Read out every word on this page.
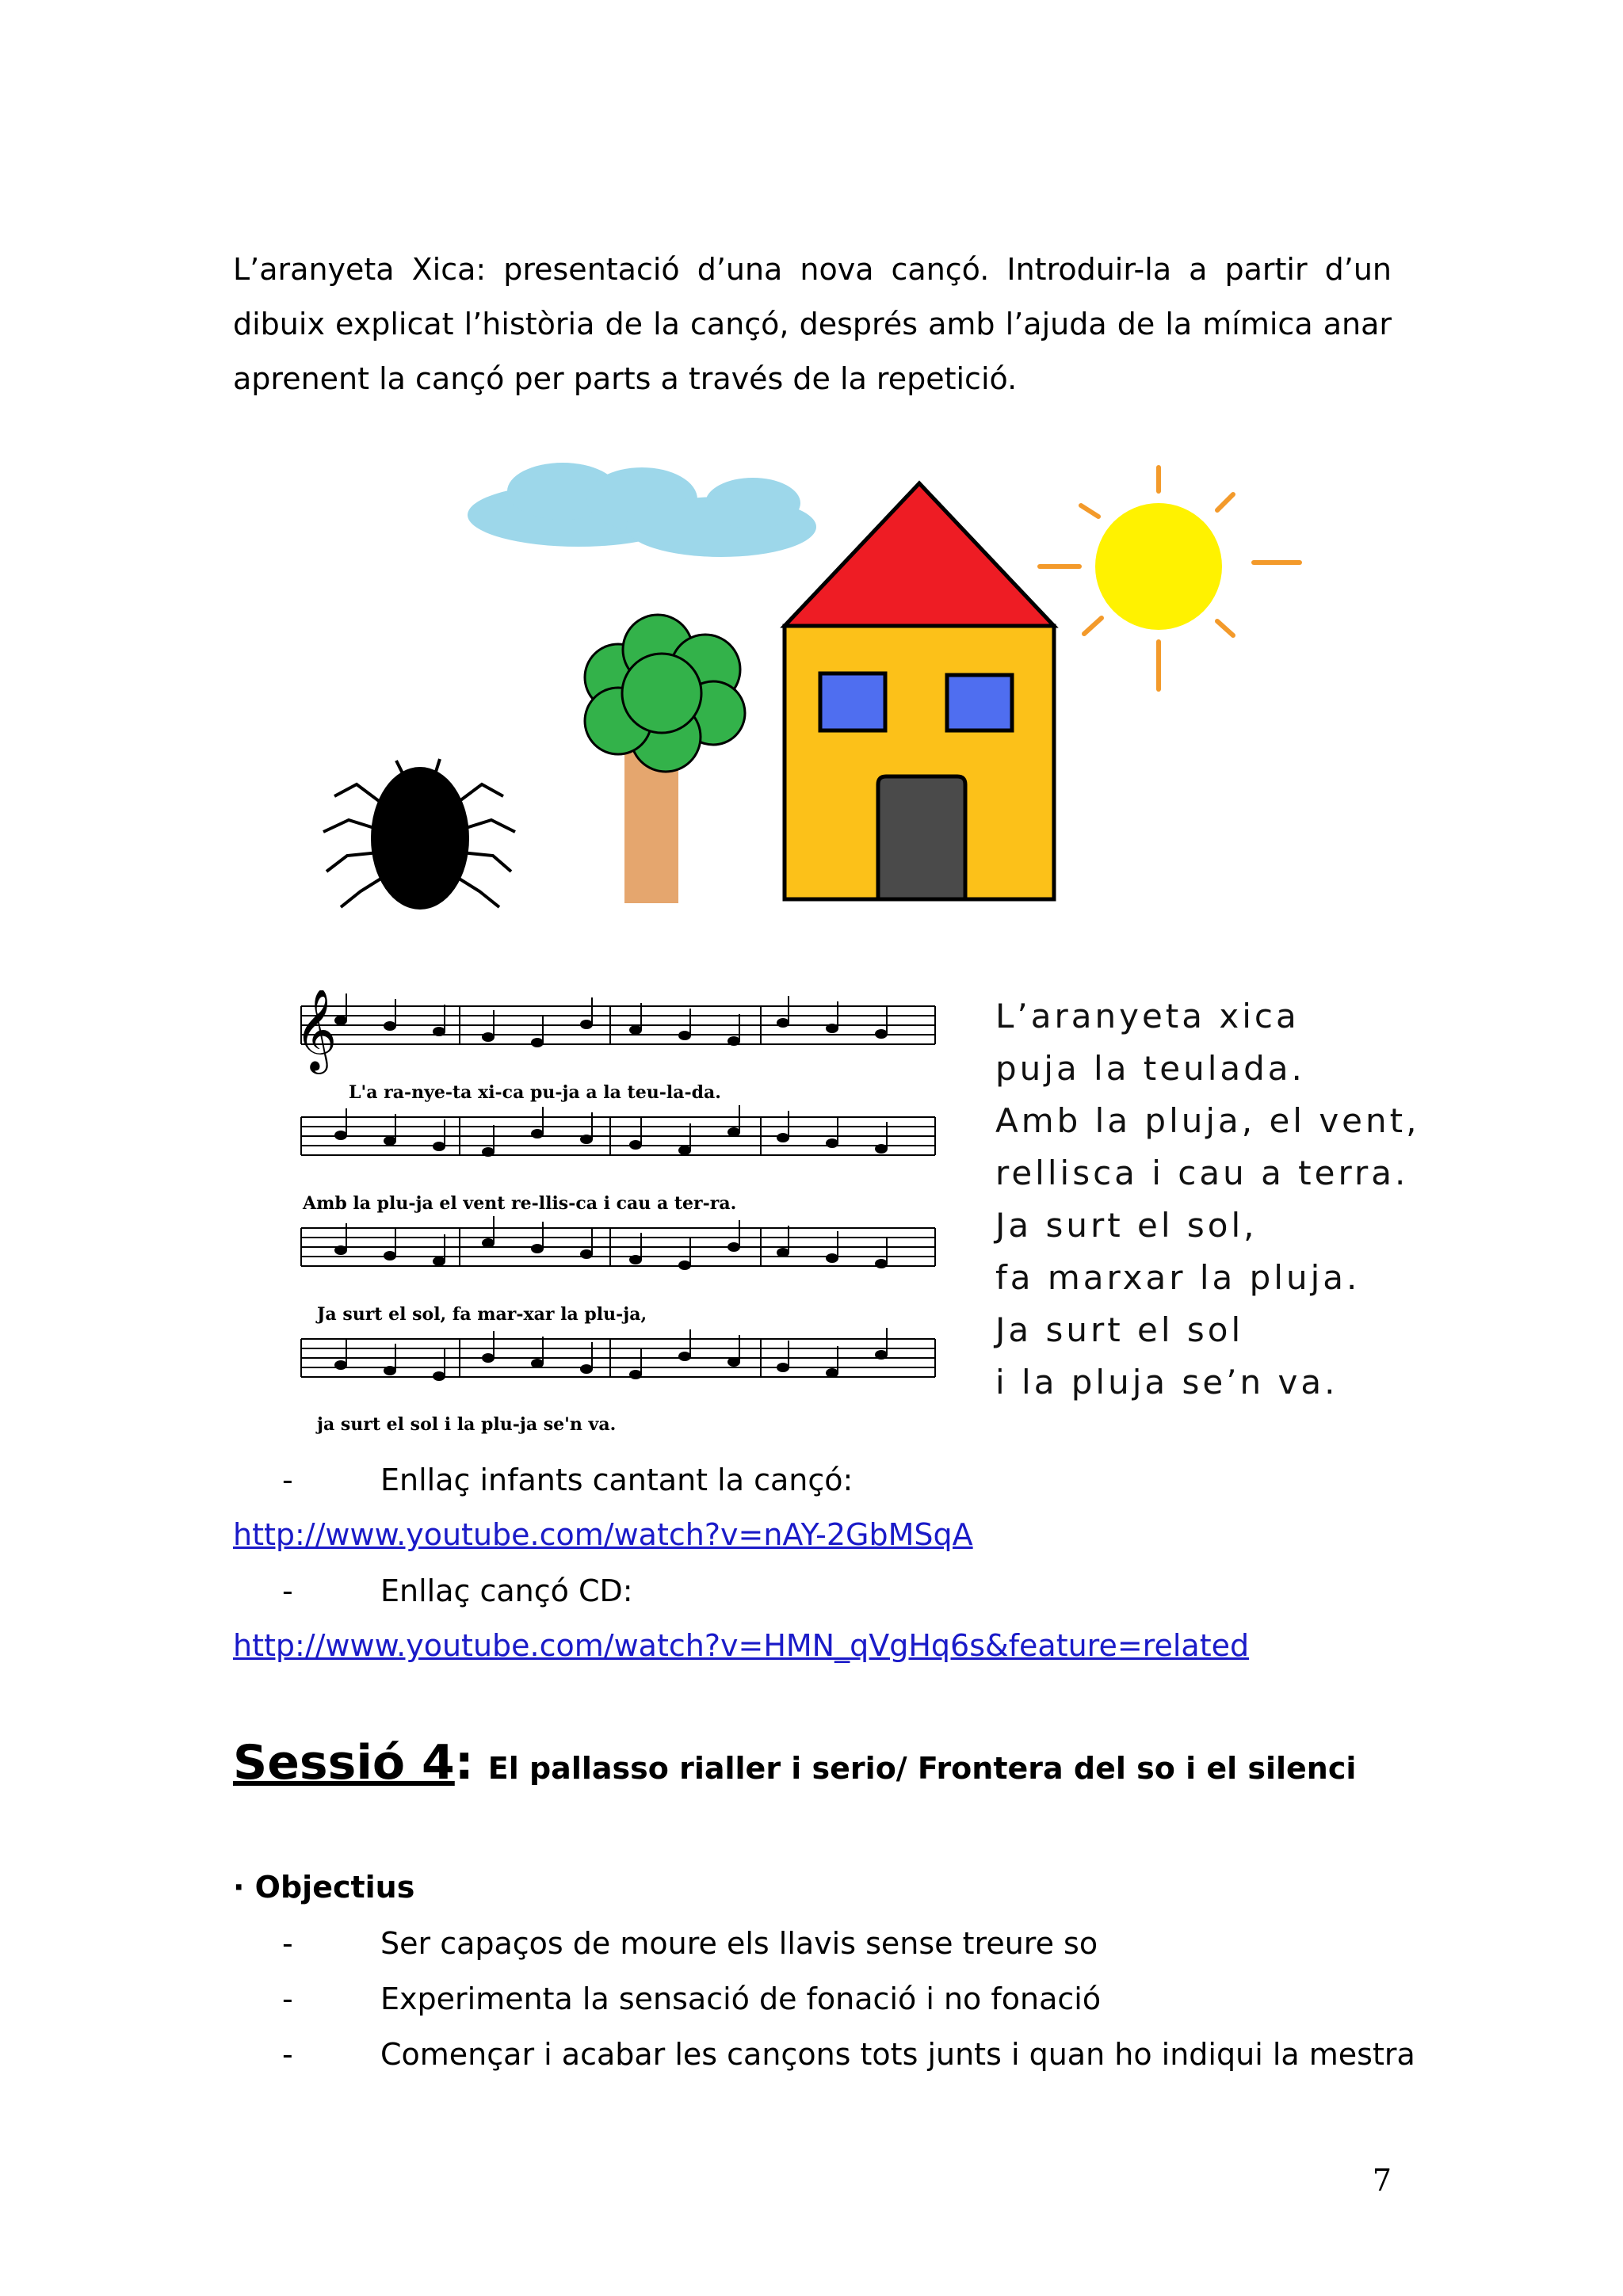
L’aranyeta Xica: presentació d’una nova cançó. Introduir-la a partir d’un dibuix explicat l’història de la cançó, després amb l’ajuda de la mímica anar aprenent la cançó per parts a través de la repetició.
𝄞
L'a ra-nye-ta xi-ca pu-ja a la teu-la-da.
Amb la plu-ja el vent re-llis-ca i cau a ter-ra.
Ja surt el sol, fa mar-xar la plu-ja,
ja surt el sol i la plu-ja se'n va.
L’aranyeta xica
puja la teulada.
Amb la pluja, el vent,
rellisca i cau a terra.
Ja surt el sol,
fa marxar la pluja.
Ja surt el sol
i la pluja se’n va.
-	Enllaç infants cantant la cançó:
http://www.youtube.com/watch?v=nAY-2GbMSqA
-	Enllaç cançó CD:
http://www.youtube.com/watch?v=HMN_qVgHq6s&feature=related
Sessió 4: El pallasso rialler i serio/ Frontera del so i el silenci
· Objectius
-	Ser capaços de moure els llavis sense treure so
-	Experimenta la sensació de fonació i no fonació
-	Començar i acabar les cançons tots junts i quan ho indiqui la mestra
7
